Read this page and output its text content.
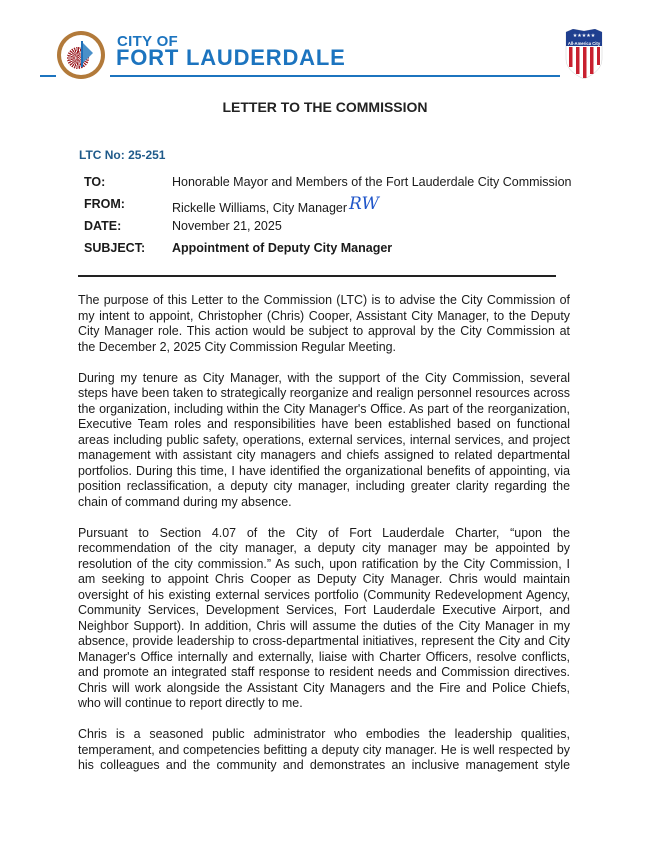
CITY OF
FORT LAUDERDALE
★★★★★
All-America City
LETTER TO THE COMMISSION
LTC No: 25-251
TO:	Honorable Mayor and Members of the Fort Lauderdale City Commission
FROM:	Rickelle Williams, City Manager RW
DATE:	November 21, 2025
SUBJECT:	Appointment of Deputy City Manager

The purpose of this Letter to the Commission (LTC) is to advise the City Commission of my intent to appoint, Christopher (Chris) Cooper, Assistant City Manager, to the Deputy City Manager role. This action would be subject to approval by the City Commission at the December 2, 2025 City Commission Regular Meeting.

During my tenure as City Manager, with the support of the City Commission, several steps have been taken to strategically reorganize and realign personnel resources across the organization, including within the City Manager's Office. As part of the reorganization, Executive Team roles and responsibilities have been established based on functional areas including public safety, operations, external services, internal services, and project management with assistant city managers and chiefs assigned to related departmental portfolios. During this time, I have identified the organizational benefits of appointing, via position reclassification, a deputy city manager, including greater clarity regarding the chain of command during my absence.

Pursuant to Section 4.07 of the City of Fort Lauderdale Charter, “upon the recommendation of the city manager, a deputy city manager may be appointed by resolution of the city commission.” As such, upon ratification by the City Commission, I am seeking to appoint Chris Cooper as Deputy City Manager. Chris would maintain oversight of his existing external services portfolio (Community Redevelopment Agency, Community Services, Development Services, Fort Lauderdale Executive Airport, and Neighbor Support). In addition, Chris will assume the duties of the City Manager in my absence, provide leadership to cross-departmental initiatives, represent the City and City Manager's Office internally and externally, liaise with Charter Officers, resolve conflicts, and promote an integrated staff response to resident needs and Commission directives. Chris will work alongside the Assistant City Managers and the Fire and Police Chiefs, who will continue to report directly to me.

Chris is a seasoned public administrator who embodies the leadership qualities, temperament, and competencies befitting a deputy city manager. He is well respected by his colleagues and the community and demonstrates an inclusive management style
